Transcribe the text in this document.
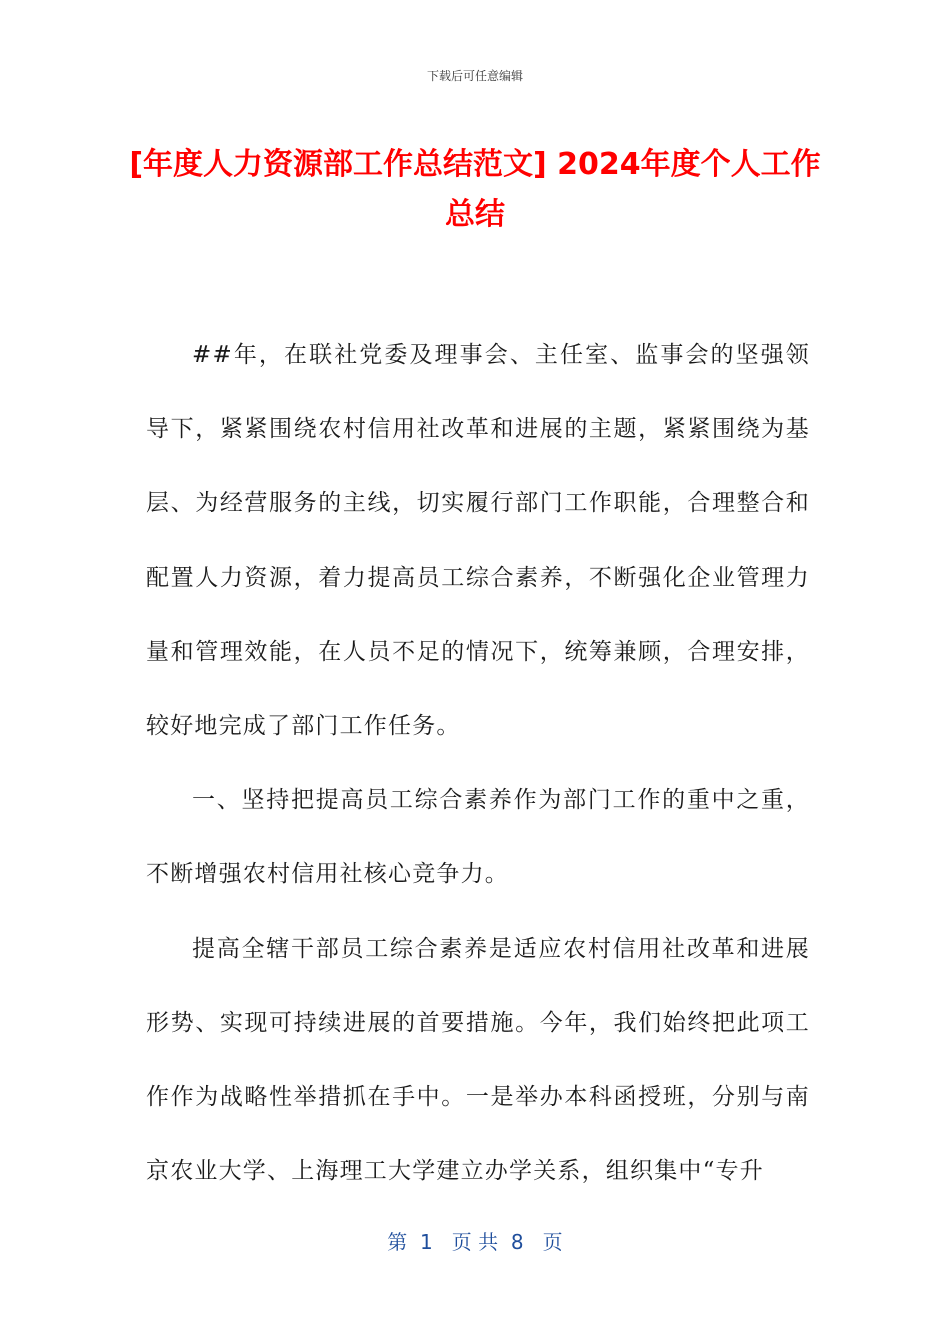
下载后可任意编辑
[年度人力资源部工作总结范文] 2024年度个人工作总结

##年，在联社党委及理事会、主任室、监事会的坚强领导下，紧紧围绕农村信用社改革和进展的主题，紧紧围绕为基层、为经营服务的主线，切实履行部门工作职能，合理整合和配置人力资源，着力提高员工综合素养，不断强化企业管理力量和管理效能，在人员不足的情况下，统筹兼顾，合理安排，较好地完成了部门工作任务。

一、坚持把提高员工综合素养作为部门工作的重中之重，不断增强农村信用社核心竞争力。

提高全辖干部员工综合素养是适应农村信用社改革和进展形势、实现可持续进展的首要措施。今年，我们始终把此项工作作为战略性举措抓在手中。一是举办本科函授班，分别与南京农业大学、上海理工大学建立办学关系，组织集中“专升

第  1   页 共  8   页
